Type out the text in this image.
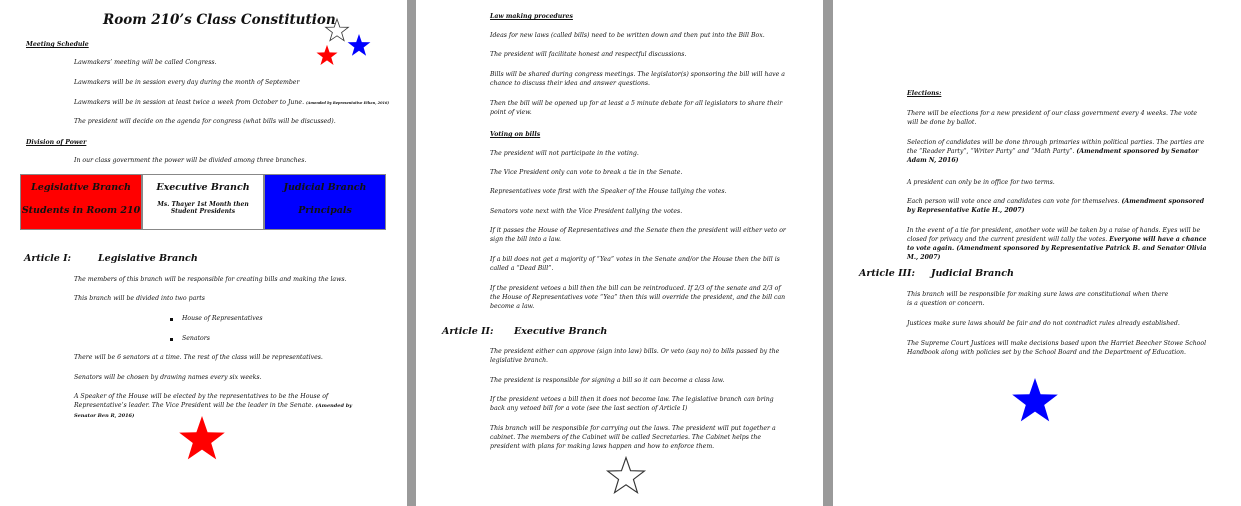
Room 210’s Class Constitution
Meeting Schedule
Lawmakers’ meeting will be called Congress.
Lawmakers will be in session every day during the month of September
Lawmakers will be in session at least twice a week from October to June. (Amended by Representative Ethan, 2016)
The president will decide on the agenda for congress (what bills will be discussed).
Division of Power
In our class government the power will be divided among three branches.
Legislative Branch
Students in Room 210
Executive Branch
Ms. Thayer 1st Month then Student Presidents
Judicial Branch
Principals
Article I:	Legislative Branch
The members of this branch will be responsible for creating bills and making the laws.
This branch will be divided into two parts
House of Representatives
Senators
There will be 6 senators at a time. The rest of the class will be representatives.
Senators will be chosen by drawing names every six weeks.
A Speaker of the House will be elected by the representatives to be the House of Representative’s leader. The Vice President will be the leader in the Senate. (Amended by Senator Ben R, 2016)
Law making procedures
Ideas for new laws (called bills) need to be written down and then put into the Bill Box.
The president will facilitate honest and respectful discussions.
Bills will be shared during congress meetings. The legislator(s) sponsoring the bill will have a chance to discuss their idea and answer questions.
Then the bill will be opened up for at least a 5 minute debate for all legislators to share their point of view.
Voting on bills
The president will not participate in the voting.
The Vice President only can vote to break a tie in the Senate.
Representatives vote first with the Speaker of the House tallying the votes.
Senators vote next with the Vice President tallying the votes.
If it passes the House of Representatives and the Senate then the president will either veto or sign the bill into a law.
If a bill does not get a majority of “Yea” votes in the Senate and/or the House then the bill is called a “Dead Bill”.
If the president vetoes a bill then the bill can be reintroduced. If 2/3 of the senate and 2/3 of the House of Representatives vote “Yea” then this will override the president, and the bill can become a law.
Article II: Executive Branch
The president either can approve (sign into law) bills. Or veto (say no) to bills passed by the legislative branch.
The president is responsible for signing a bill so it can become a class law.
If the president vetoes a bill then it does not become law. The legislative branch can bring back any vetoed bill for a vote (see the last section of Article I)
This branch will be responsible for carrying out the laws. The president will put together a cabinet. The members of the Cabinet will be called Secretaries. The Cabinet helps the president with plans for making laws happen and how to enforce them.
Elections:
There will be elections for a new president of our class government every 4 weeks. The vote will be done by ballot.
Selection of candidates will be done through primaries within political parties. The parties are the “Reader Party”, “Writer Party” and “Math Party”. (Amendment sponsored by Senator Adam N, 2016)
A president can only be in office for two terms.
Each person will vote once and candidates can vote for themselves. (Amendment sponsored by Representative Katie H., 2007)
In the event of a tie for president, another vote will be taken by a raise of hands. Eyes will be closed for privacy and the current president will tally the votes. Everyone will have a chance to vote again. (Amendment sponsored by Representative Patrick B. and Senator Olivia M., 2007)
Article III: Judicial Branch
This branch will be responsible for making sure laws are constitutional when there is a question or concern.
Justices make sure laws should be fair and do not contradict rules already established.
The Supreme Court Justices will make decisions based upon the Harriet Beecher Stowe School Handbook along with policies set by the School Board and the Department of Education.
